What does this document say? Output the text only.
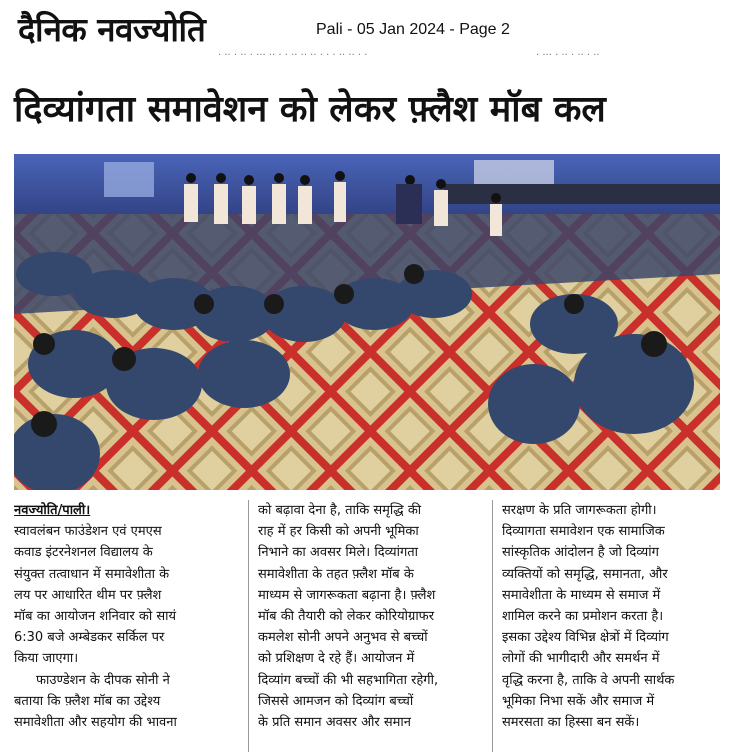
दैनिक नवज्योति	Pali - 05 Jan 2024 - Page 2
· ·· · ·· · ··· ·· · · ·· ·· ·· · · · ·· ·· · ·	· ··· · ·· · ·· · ··
दिव्यांगता समावेशन को लेकर फ़्लैश मॉब कल
नवज्योति/पाली।
स्वावलंबन फाउंडेशन एवं एमएस
कवाड इंटरनेशनल विद्यालय के
संयुक्त तत्वाधान में समावेशीता के
लय पर आधारित थीम पर फ़्लैश
मॉब का आयोजन शनिवार को सायं
6:30 बजे अम्बेडकर सर्किल पर
किया जाएगा।
फाउण्डेशन के दीपक सोनी ने
बताया कि फ़्लैश मॉब का उद्देश्य
समावेशीता और सहयोग की भावना
को बढ़ावा देना है, ताकि समृद्धि की
राह में हर किसी को अपनी भूमिका
निभाने का अवसर मिले। दिव्यांगता
समावेशीता के तहत फ़्लैश मॉब के
माध्यम से जागरूकता बढ़ाना है। फ़्लैश
मॉब की तैयारी को लेकर कोरियोग्राफर
कमलेश सोनी अपने अनुभव से बच्चों
को प्रशिक्षण दे रहे हैं। आयोजन में
दिव्यांग बच्चों की भी सहभागिता रहेगी,
जिससे आमजन को दिव्यांग बच्चों
के प्रति समान अवसर और समान
सरक्षण के प्रति जागरूकता होगी।
दिव्यागता समावेशन एक सामाजिक
सांस्कृतिक आंदोलन है जो दिव्यांग
व्यक्तियों को समृद्धि, समानता, और
समावेशीता के माध्यम से समाज में
शामिल करने का प्रमोशन करता है।
इसका उद्देश्य विभिन्न क्षेत्रों में दिव्यांग
लोगों की भागीदारी और समर्थन में
वृद्धि करना है, ताकि वे अपनी सार्थक
भूमिका निभा सकें और समाज में
समरसता का हिस्सा बन सकें।
